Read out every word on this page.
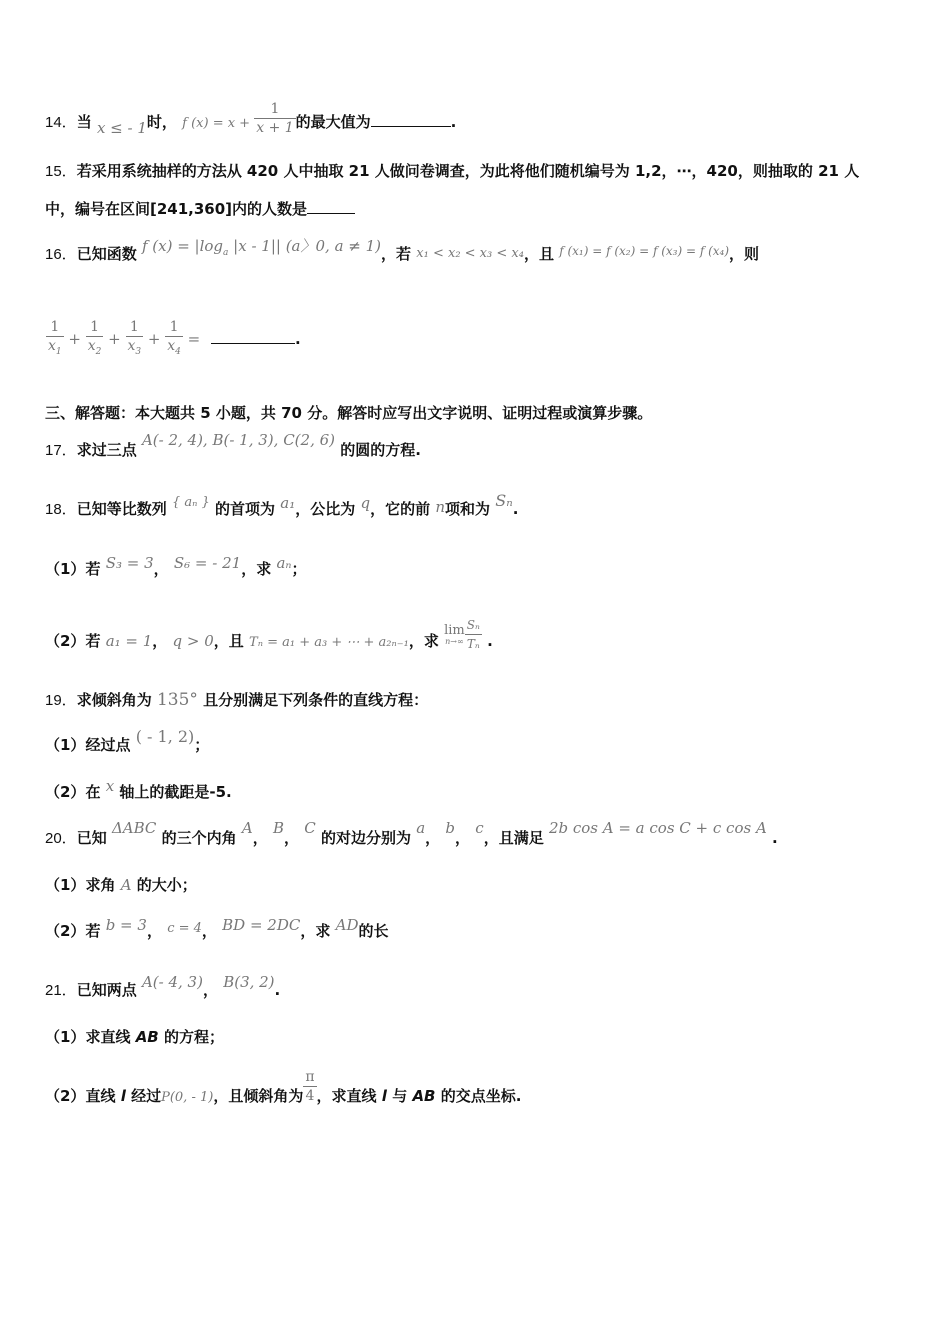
14．当 x ≤ - 1时， f $(x) = x + \frac{1}{x + 1}$ 的最大值为	.
15．若采用系统抽样的方法从 420 人中抽取 21 人做问卷调查，为此将他们随机编号为 1,2，⋯，420，则抽取的 21 人
中，编号在区间[241,360]内的人数是
16．已知函数 f $(x) = |\log_a$ |x - 1|| (a〉0, a ≠ 1)，若 x₁ < x₂ < x₃ < x₄，且 $^{f (x_1) = f (x_2) = f (x_3) = f (x_4)}$，则
$\frac{1}{x_1} + \frac{1}{x_2} + \frac{1}{x_3} + \frac{1}{x_4}$ =	.
三、解答题：本大题共 5 小题，共 70 分。解答时应写出文字说明、证明过程或演算步骤。
17．求过三点 A(- 2, 4), B(- 1, 3), C(2, 6) 的圆的方程.
18．已知等比数列 { aₙ } 的首项为 a₁，公比为 q，它的前 n项和为 Sₙ.
（1）若 S₃ = 3， S₆ = - 21，求 aₙ；
（2）若 a₁ = 1， q > 0，且 Tₙ = a₁ + a₃ + ⋯ + a₂ₙ₋₁，求
lim
$n\to\infty \frac{\text{Sₙ}}{\text{Tₙ}}$ .
19．求倾斜角为 135° 且分别满足下列条件的直线方程：
（1）经过点 ( - 1, 2)；
（2）在 x 轴上的截距是-5.
20．已知 ΔABC 的三个内角 A， B， C 的对边分别为 a， b， c，且满足 2b cos A = a cos C + c cos A .
（1）求角 A 的大小；
（2）若 b = 3， c = 4， BD = 2DC，求 AD的长
21．已知两点 A(- 4, 3)， B(3, 2).
（1）求直线 AB 的方程；
（2）直线 l 经过P(0, - 1)，且倾斜角为 $\frac{\pi}{4}$ ，求直线 l 与 AB 的交点坐标.
